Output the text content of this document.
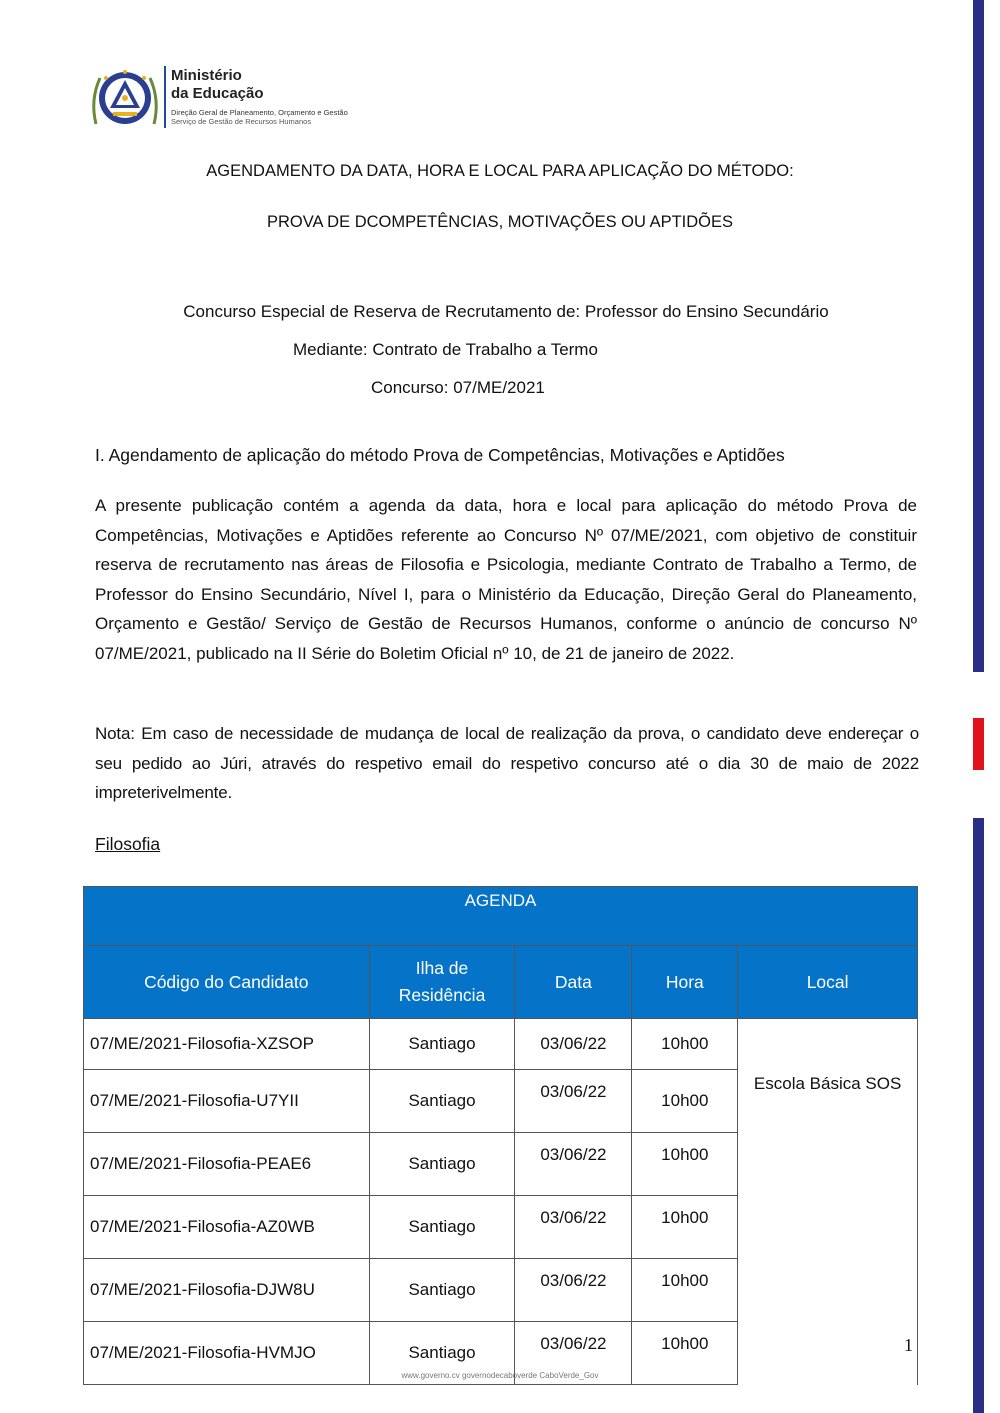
Ministério
da Educação
Direção Geral de Planeamento, Orçamento e Gestão
Serviço de Gestão de Recursos Humanos
AGENDAMENTO DA DATA, HORA E LOCAL PARA APLICAÇÃO DO MÉTODO:
PROVA DE DCOMPETÊNCIAS, MOTIVAÇÕES OU APTIDÕES
Concurso Especial de Reserva de Recrutamento de: Professor do Ensino Secundário
Mediante: Contrato de Trabalho a Termo
Concurso: 07/ME/2021
I. Agendamento de aplicação do método Prova de Competências, Motivações e Aptidões
A presente publicação contém a agenda da data, hora e local para aplicação do método Prova de Competências, Motivações e Aptidões referente ao Concurso Nº 07/ME/2021, com objetivo de constituir reserva de recrutamento nas áreas de Filosofia e Psicologia, mediante Contrato de Trabalho a Termo, de Professor do Ensino Secundário, Nível I, para o Ministério da Educação, Direção Geral do Planeamento, Orçamento e Gestão/ Serviço de Gestão de Recursos Humanos, conforme o anúncio de concurso Nº 07/ME/2021, publicado na II Série do Boletim Oficial nº 10, de 21 de janeiro de 2022.
Nota: Em caso de necessidade de mudança de local de realização da prova, o candidato deve endereçar o seu pedido ao Júri, através do respetivo email do respetivo concurso até o dia 30 de maio de 2022 impreterivelmente.
Filosofia
AGENDA				
Código do Candidato	Ilha de Residência	Data	Hora	Local
07/ME/2021-Filosofia-XZSOP	Santiago	03/06/22	10h00	Escola Básica SOS
07/ME/2021-Filosofia-U7YII	Santiago	03/06/22	10h00	
07/ME/2021-Filosofia-PEAE6	Santiago	03/06/22	10h00	
07/ME/2021-Filosofia-AZ0WB	Santiago	03/06/22	10h00	
07/ME/2021-Filosofia-DJW8U	Santiago	03/06/22	10h00	
07/ME/2021-Filosofia-HVMJO	Santiago	03/06/22	10h00		1
www.governo.cv governodecaboverde CaboVerde_Gov
